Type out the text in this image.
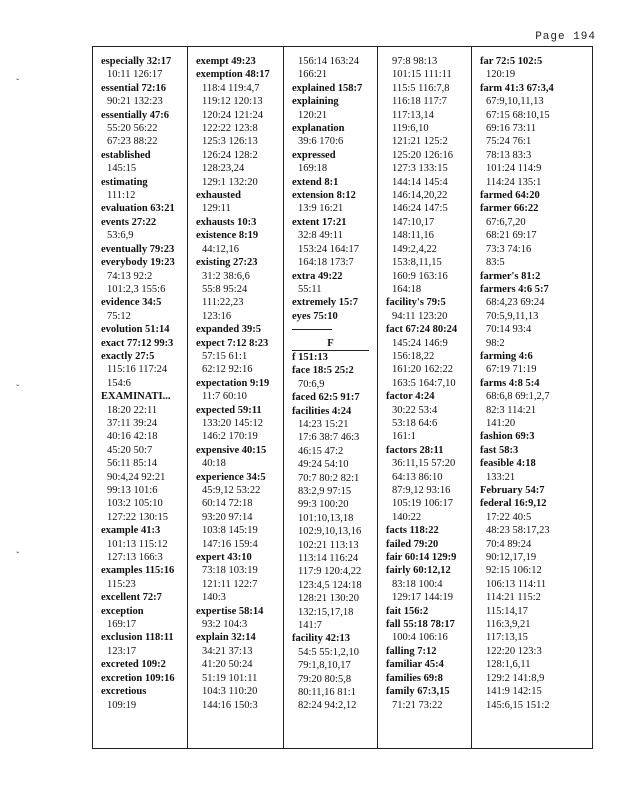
Page 194
ˇ
ˇ
ˇ
especially 32:17
10:11 126:17
essential 72:16
90:21 132:23
essentially 47:6
55:20 56:22
67:23 88:22
established
145:15
estimating
111:12
evaluation 63:21
events 27:22
53:6,9
eventually 79:23
everybody 19:23
74:13 92:2
101:2,3 155:6
evidence 34:5
75:12
evolution 51:14
exact 77:12 99:3
exactly 27:5
115:16 117:24
154:6
EXAMINATI...
18:20 22:11
37:11 39:24
40:16 42:18
45:20 50:7
56:11 85:14
90:4,24 92:21
99:13 101:6
103:2 105:10
127:22 130:15
example 41:3
101:13 115:12
127:13 166:3
examples 115:16
115:23
excellent 72:7
exception
169:17
exclusion 118:11
123:17
excreted 109:2
excretion 109:16
excretious
109:19
exempt 49:23
exemption 48:17
118:4 119:4,7
119:12 120:13
120:24 121:24
122:22 123:8
125:3 126:13
126:24 128:2
128:23,24
129:1 132:20
exhausted
129:11
exhausts 10:3
existence 8:19
44:12,16
existing 27:23
31:2 38:6,6
55:8 95:24
111:22,23
123:16
expanded 39:5
expect 7:12 8:23
57:15 61:1
62:12 92:16
expectation 9:19
11:7 60:10
expected 59:11
133:20 145:12
146:2 170:19
expensive 40:15
40:18
experience 34:5
45:9,12 53:22
60:14 72:18
93:20 97:14
103:8 145:19
147:16 159:4
expert 43:10
73:18 103:19
121:11 122:7
140:3
expertise 58:14
93:2 104:3
explain 32:14
34:21 37:13
41:20 50:24
51:19 101:11
104:3 110:20
144:16 150:3
156:14 163:24
166:21
explained 158:7
explaining
120:21
explanation
39:6 170:6
expressed
169:18
extend 8:1
extension 8:12
13:9 16:21
extent 17:21
32:8 49:11
153:24 164:17
164:18 173:7
extra 49:22
55:11
extremely 15:7
eyes 75:10
F
f 151:13
face 18:5 25:2
70:6,9
faced 62:5 91:7
facilities 4:24
14:23 15:21
17:6 38:7 46:3
46:15 47:2
49:24 54:10
70:7 80:2 82:1
83:2,9 97:15
99:3 100:20
101:10,13,18
102:9,10,13,16
102:21 113:13
113:14 116:24
117:9 120:4,22
123:4,5 124:18
128:21 130:20
132:15,17,18
141:7
facility 42:13
54:5 55:1,2,10
79:1,8,10,17
79:20 80:5,8
80:11,16 81:1
82:24 94:2,12
97:8 98:13
101:15 111:11
115:5 116:7,8
116:18 117:7
117:13,14
119:6,10
121:21 125:2
125:20 126:16
127:3 133:15
144:14 145:4
146:14,20,22
146:24 147:5
147:10,17
148:11,16
149:2,4,22
153:8,11,15
160:9 163:16
164:18
facility's 79:5
94:11 123:20
fact 67:24 80:24
145:24 146:9
156:18,22
161:20 162:22
163:5 164:7,10
factor 4:24
30:22 53:4
53:18 64:6
161:1
factors 28:11
36:11,15 57:20
64:13 86:10
87:9,12 93:16
105:19 106:17
140:22
facts 118:22
failed 79:20
fair 60:14 129:9
fairly 60:12,12
83:18 100:4
129:17 144:19
fait 156:2
fall 55:18 78:17
100:4 106:16
falling 7:12
familiar 45:4
families 69:8
family 67:3,15
71:21 73:22
far 72:5 102:5
120:19
farm 41:3 67:3,4
67:9,10,11,13
67:15 68:10,15
69:16 73:11
75:24 76:1
78:13 83:3
101:24 114:9
114:24 135:1
farmed 64:20
farmer 66:22
67:6,7,20
68:21 69:17
73:3 74:16
83:5
farmer's 81:2
farmers 4:6 5:7
68:4,23 69:24
70:5,9,11,13
70:14 93:4
98:2
farming 4:6
67:19 71:19
farms 4:8 5:4
68:6,8 69:1,2,7
82:3 114:21
141:20
fashion 69:3
fast 58:3
feasible 4:18
133:21
February 54:7
federal 16:9,12
17:22 40:5
48:23 58:17,23
70:4 89:24
90:12,17,19
92:15 106:12
106:13 114:11
114:21 115:2
115:14,17
116:3,9,21
117:13,15
122:20 123:3
128:1,6,11
129:2 141:8,9
141:9 142:15
145:6,15 151:2
